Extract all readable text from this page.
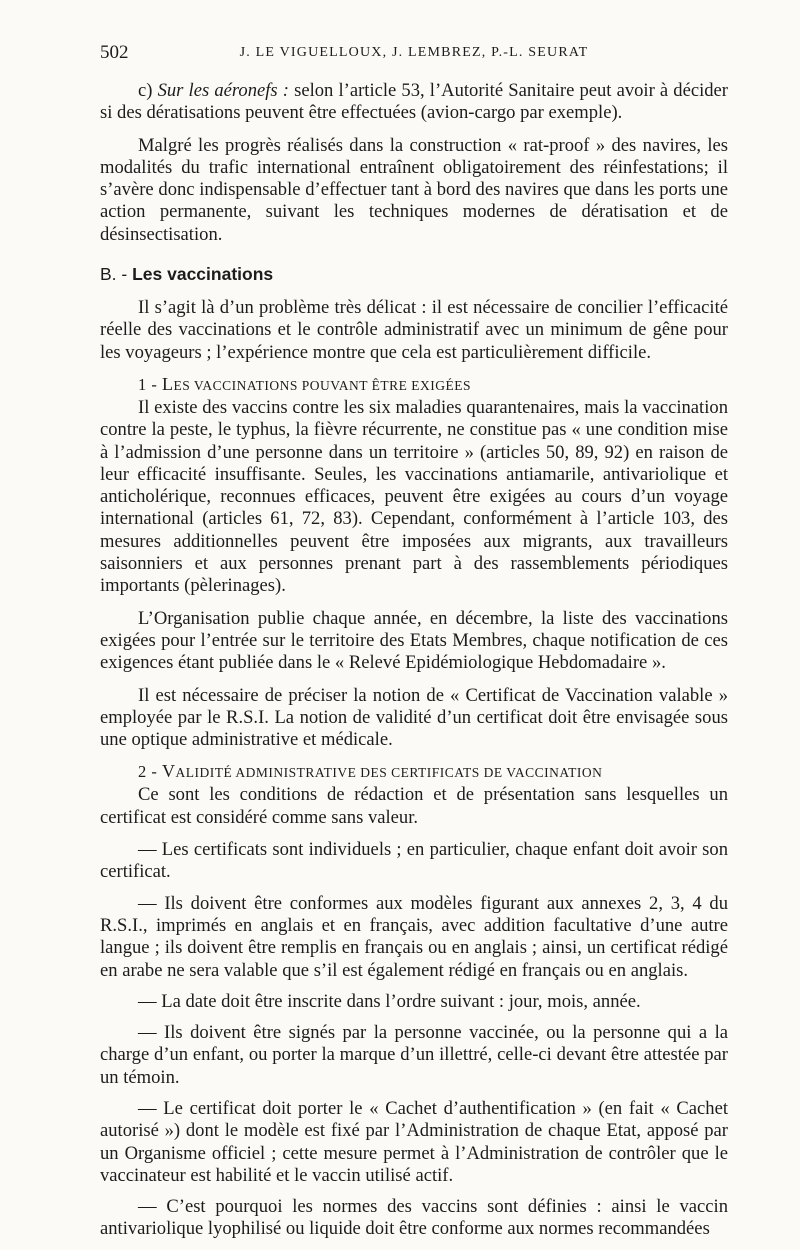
502	J. LE VIGUELLOUX, J. LEMBREZ, P.-L. SEURAT

c) Sur les aéronefs : selon l’article 53, l’Autorité Sanitaire peut avoir à décider si des dératisations peuvent être effectuées (avion-cargo par exemple).

Malgré les progrès réalisés dans la construction « rat-proof » des navires, les modalités du trafic international entraînent obligatoirement des réinfestations; il s’avère donc indispensable d’effectuer tant à bord des navires que dans les ports une action permanente, suivant les techniques modernes de dératisation et de désinsectisation.

B. - Les vaccinations

Il s’agit là d’un problème très délicat : il est nécessaire de concilier l’efficacité réelle des vaccinations et le contrôle administratif avec un minimum de gêne pour les voyageurs ; l’expérience montre que cela est particulièrement difficile.

1 - LES VACCINATIONS POUVANT ÊTRE EXIGÉES

Il existe des vaccins contre les six maladies quarantenaires, mais la vaccination contre la peste, le typhus, la fièvre récurrente, ne constitue pas « une condition mise à l’admission d’une personne dans un territoire » (articles 50, 89, 92) en raison de leur efficacité insuffisante. Seules, les vaccinations antiamarile, antivariolique et anticholérique, reconnues efficaces, peuvent être exigées au cours d’un voyage international (articles 61, 72, 83). Cependant, conformément à l’article 103, des mesures additionnelles peuvent être imposées aux migrants, aux travailleurs saisonniers et aux personnes prenant part à des rassemblements périodiques importants (pèlerinages).

L’Organisation publie chaque année, en décembre, la liste des vaccinations exigées pour l’entrée sur le territoire des Etats Membres, chaque notification de ces exigences étant publiée dans le « Relevé Epidémiologique Hebdomadaire ».

Il est nécessaire de préciser la notion de « Certificat de Vaccination valable » employée par le R.S.I. La notion de validité d’un certificat doit être envisagée sous une optique administrative et médicale.

2 - VALIDITÉ ADMINISTRATIVE DES CERTIFICATS DE VACCINATION

Ce sont les conditions de rédaction et de présentation sans lesquelles un certificat est considéré comme sans valeur.

— Les certificats sont individuels ; en particulier, chaque enfant doit avoir son certificat.

— Ils doivent être conformes aux modèles figurant aux annexes 2, 3, 4 du R.S.I., imprimés en anglais et en français, avec addition facultative d’une autre langue ; ils doivent être remplis en français ou en anglais ; ainsi, un certificat rédigé en arabe ne sera valable que s’il est également rédigé en français ou en anglais.

— La date doit être inscrite dans l’ordre suivant : jour, mois, année.

— Ils doivent être signés par la personne vaccinée, ou la personne qui a la charge d’un enfant, ou porter la marque d’un illettré, celle-ci devant être attestée par un témoin.

— Le certificat doit porter le « Cachet d’authentification » (en fait « Cachet autorisé ») dont le modèle est fixé par l’Administration de chaque Etat, apposé par un Organisme officiel ; cette mesure permet à l’Administration de contrôler que le vaccinateur est habilité et le vaccin utilisé actif.

— C’est pourquoi les normes des vaccins sont définies : ainsi le vaccin antivariolique lyophilisé ou liquide doit être conforme aux normes recommandées
